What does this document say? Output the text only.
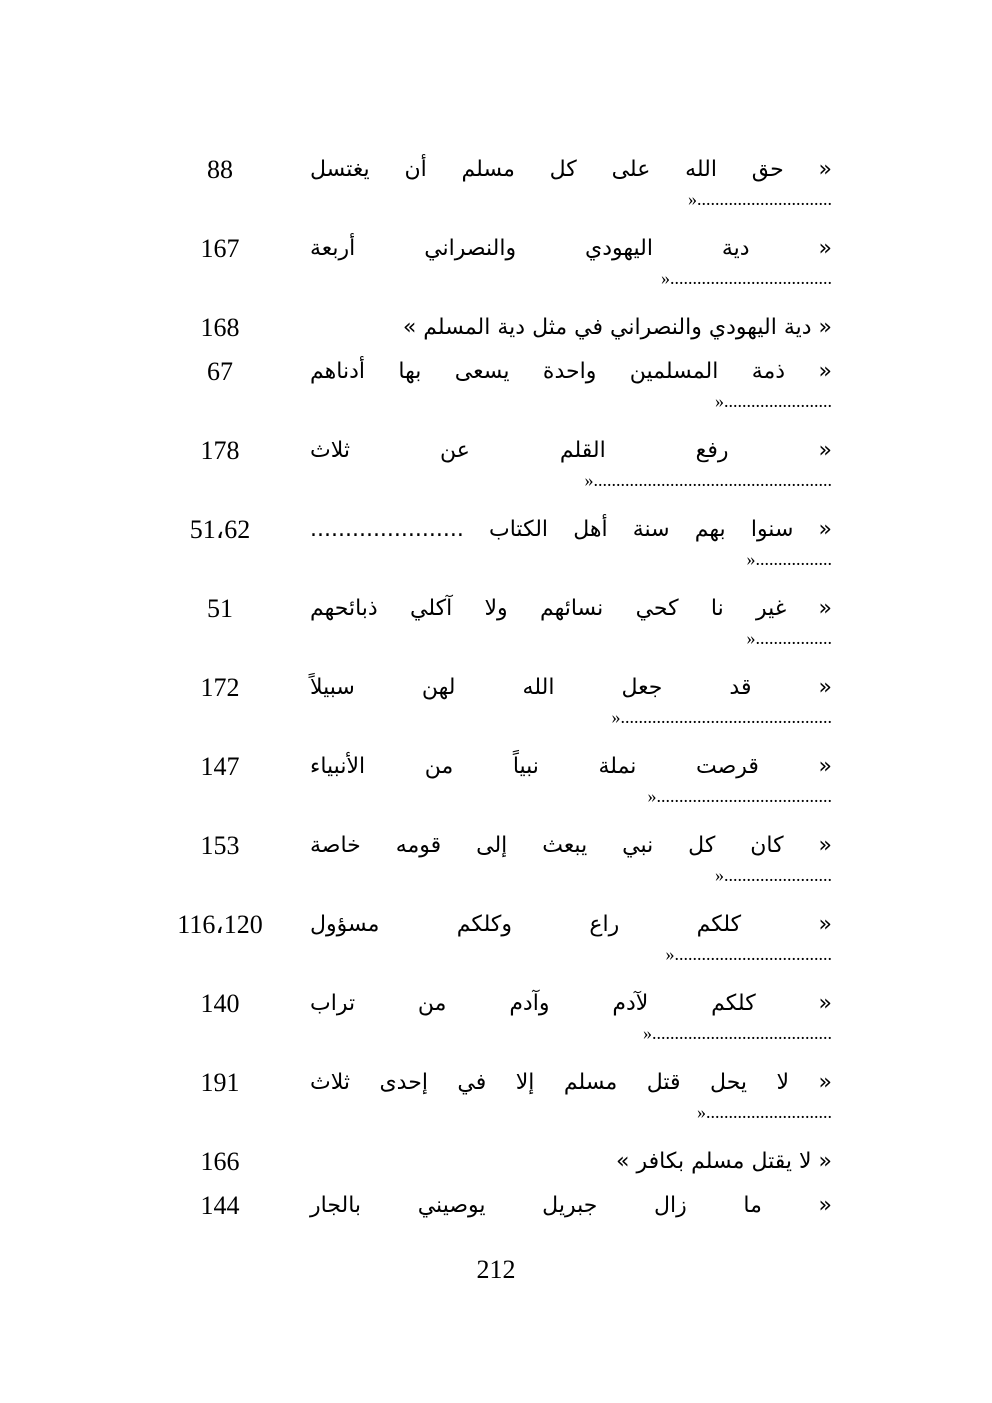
« حق الله على كل مسلم أن يغتسل
»..............................
88
« دية اليهودي والنصراني أربعة
»....................................
167
« دية اليهودي والنصراني في مثل دية المسلم »
168
« ذمة المسلمين واحدة يسعى بها أدناهم
»........................
67
« رفع القلم عن ثلاث
».....................................................
178
« سنوا بهم سنة أهل الكتاب ......................
».................
51،62
« غير نا كحي نسائهم ولا آكلي ذبائحهم
».................
51
« قد جعل الله لهن سبيلاً
»...............................................
172
« قرصت نملة نبياً من الأنبياء
».......................................
147
« كان كل نبي يبعث إلى قومه خاصة
»........................
153
« كلكم راع وكلكم مسؤول
»...................................
116،120
« كلكم لآدم وآدم من تراب
»........................................
140
« لا يحل قتل مسلم إلا في إحدى ثلاث
»............................
191
« لا يقتل مسلم بكافر »
166
« ما زال جبريل يوصيني بالجار
144
212
